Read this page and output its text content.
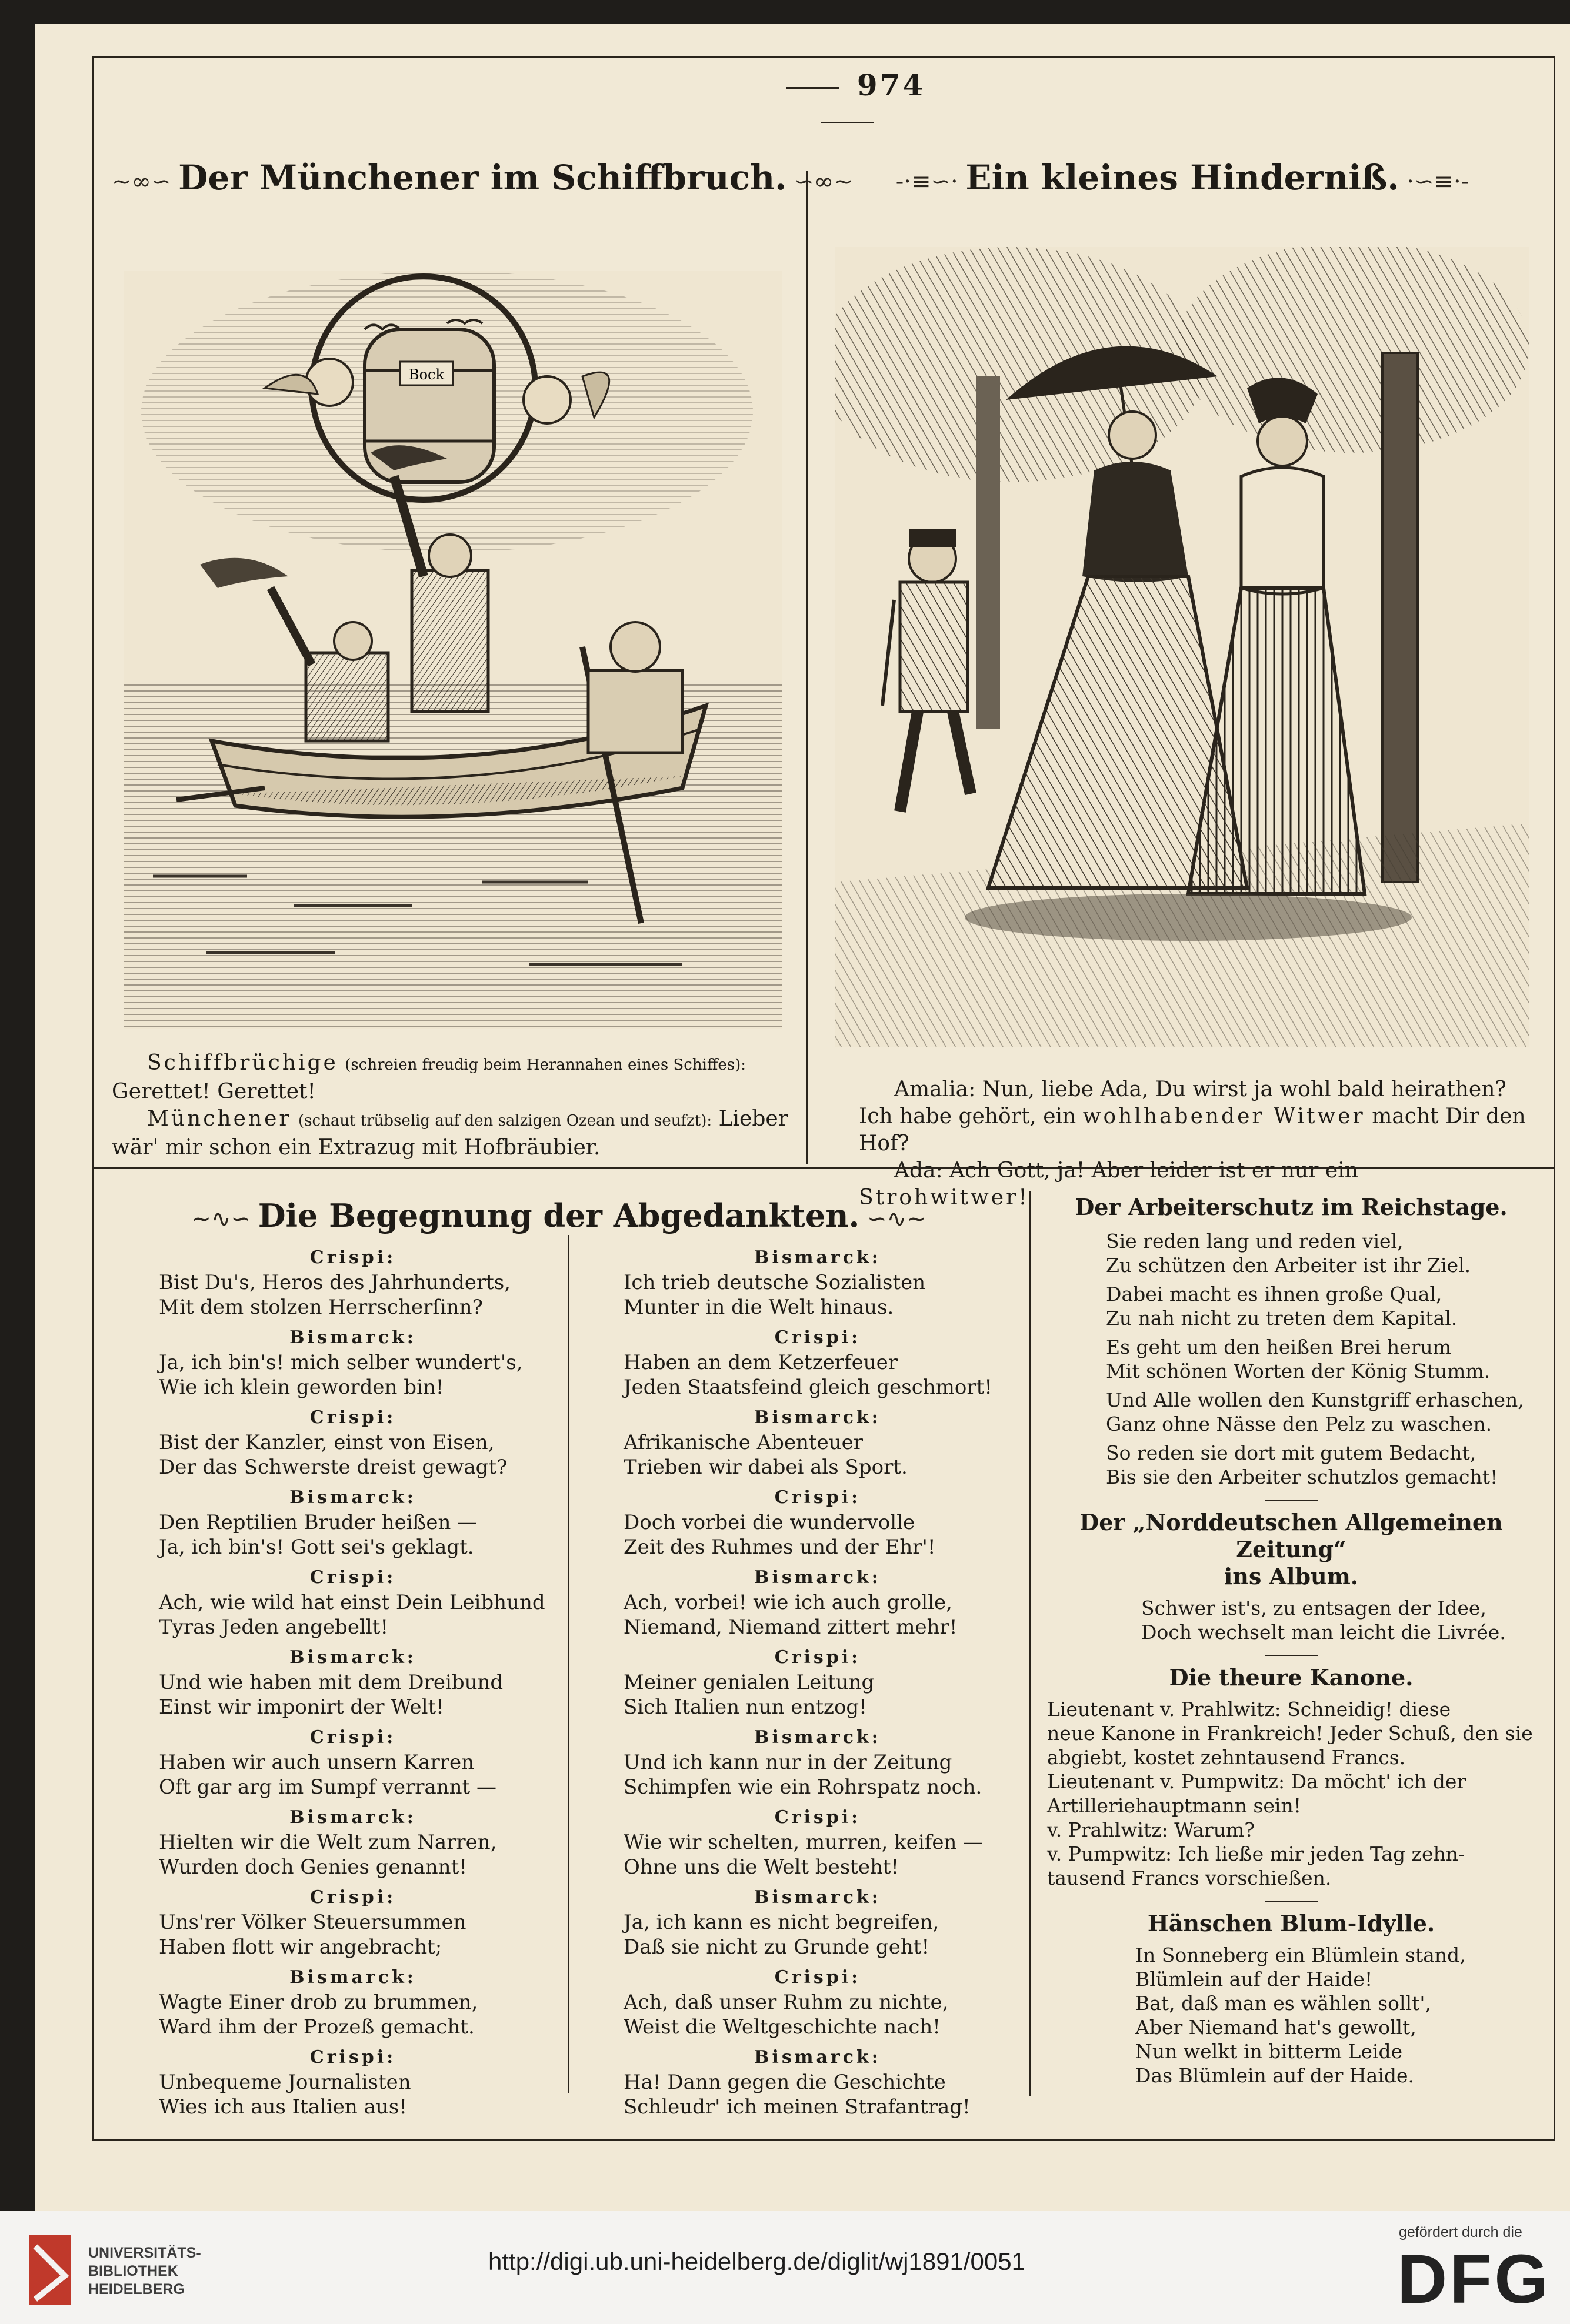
974
~∞∽ Der Münchener im Schiffbruch. ∽∞~	-·≡∽· Ein kleines Hinderniß. ·∽≡·-
Bock
Schiffbrüchige (schreien freudig beim Herannahen eines Schiffes): Gerettet! Gerettet!
Münchener (schaut trübselig auf den salzigen Ozean und seufzt): Lieber wär' mir schon ein Extrazug mit Hofbräubier.
Amalia: Nun, liebe Ada, Du wirst ja wohl bald heirathen? Ich habe gehört, ein wohlhabender Witwer macht Dir den Hof?
Ada: Ach Gott, ja! Aber leider ist er nur ein Strohwitwer!
~∿∽ Die Begegnung der Abgedankten. ∽∿~
Crispi:
Bist Du's, Heros des Jahrhunderts,
Mit dem stolzen Herrscherſinn?
Bismarck:
Ja, ich bin's! mich selber wundert's,
Wie ich klein geworden bin!
Crispi:
Bist der Kanzler, einst von Eisen,
Der das Schwerste dreist gewagt?
Bismarck:
Den Reptilien Bruder heißen —
Ja, ich bin's! Gott sei's geklagt.
Crispi:
Ach, wie wild hat einst Dein Leibhund
Tyras Jeden angebellt!
Bismarck:
Und wie haben mit dem Dreibund
Einst wir imponirt der Welt!
Crispi:
Haben wir auch unsern Karren
Oft gar arg im Sumpf verrannt —
Bismarck:
Hielten wir die Welt zum Narren,
Wurden doch Genies genannt!
Crispi:
Uns'rer Völker Steuersummen
Haben flott wir angebracht;
Bismarck:
Wagte Einer drob zu brummen,
Ward ihm der Prozeß gemacht.
Crispi:
Unbequeme Journalisten
Wies ich aus Italien aus!
Bismarck:
Ich trieb deutsche Sozialisten
Munter in die Welt hinaus.
Crispi:
Haben an dem Ketzerfeuer
Jeden Staatsfeind gleich geschmort!
Bismarck:
Afrikanische Abenteuer
Trieben wir dabei als Sport.
Crispi:
Doch vorbei die wundervolle
Zeit des Ruhmes und der Ehr'!
Bismarck:
Ach, vorbei! wie ich auch grolle,
Niemand, Niemand zittert mehr!
Crispi:
Meiner genialen Leitung
Sich Italien nun entzog!
Bismarck:
Und ich kann nur in der Zeitung
Schimpfen wie ein Rohrspatz noch.
Crispi:
Wie wir schelten, murren, keifen —
Ohne uns die Welt besteht!
Bismarck:
Ja, ich kann es nicht begreifen,
Daß sie nicht zu Grunde geht!
Crispi:
Ach, daß unser Ruhm zu nichte,
Weist die Weltgeschichte nach!
Bismarck:
Ha! Dann gegen die Geschichte
Schleudr' ich meinen Strafantrag!
Der Arbeiterschutz im Reichstage.
Sie reden lang und reden viel,
Zu schützen den Arbeiter ist ihr Ziel.
Dabei macht es ihnen große Qual,
Zu nah nicht zu treten dem Kapital.
Es geht um den heißen Brei herum
Mit schönen Worten der König Stumm.
Und Alle wollen den Kunstgriff erhaschen,
Ganz ohne Nässe den Pelz zu waschen.
So reden sie dort mit gutem Bedacht,
Bis sie den Arbeiter schutzlos gemacht!
Der „Norddeutschen Allgemeinen Zeitung“
ins Album.
Schwer ist's, zu entsagen der Idee,
Doch wechselt man leicht die Livrée.
Die theure Kanone.
Lieutenant v. Prahlwitz: Schneidig! diese
neue Kanone in Frankreich! Jeder Schuß, den sie
abgiebt, kostet zehntausend Francs.
Lieutenant v. Pumpwitz: Da möcht' ich der
Artilleriehauptmann sein!
v. Prahlwitz: Warum?
v. Pumpwitz: Ich ließe mir jeden Tag zehn-
tausend Francs vorschießen.
Hänschen Blum-Idylle.
In Sonneberg ein Blümlein stand,
Blümlein auf der Haide!
Bat, daß man es wählen sollt',
Aber Niemand hat's gewollt,
Nun welkt in bitterm Leide
Das Blümlein auf der Haide.
UNIVERSITÄTS-
BIBLIOTHEK
HEIDELBERG
http://digi.ub.uni-heidelberg.de/diglit/wj1891/0051
gefördert durch die
DFG
